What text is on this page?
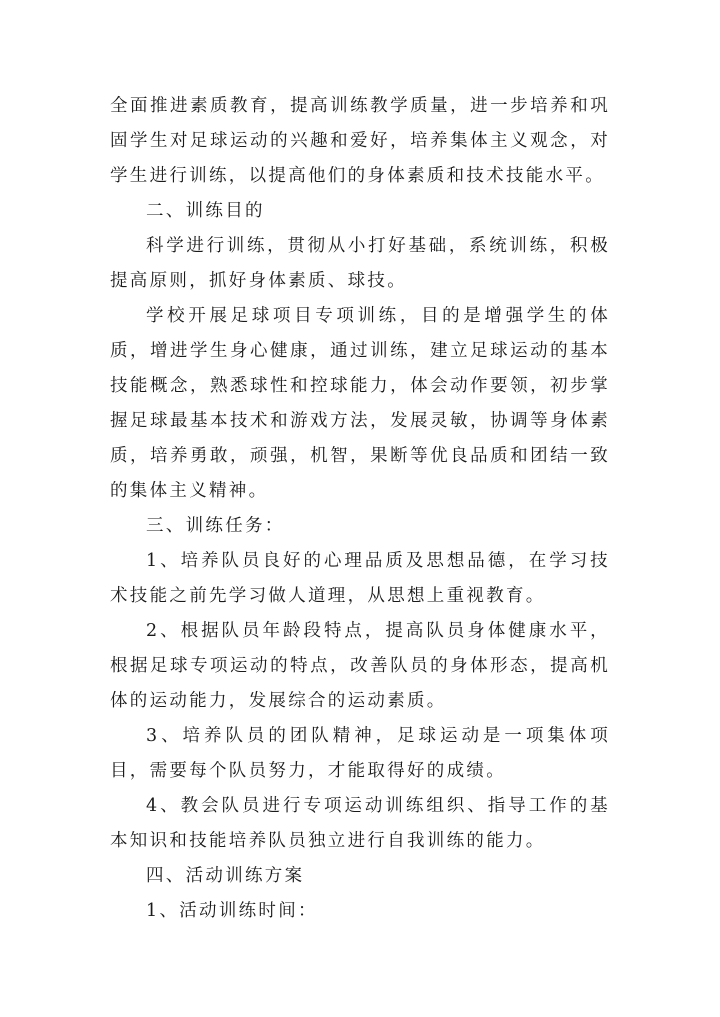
全面推进素质教育，提高训练教学质量，进一步培养和巩固学生对足球运动的兴趣和爱好，培养集体主义观念，对学生进行训练，以提高他们的身体素质和技术技能水平。

二、训练目的

科学进行训练，贯彻从小打好基础，系统训练，积极提高原则，抓好身体素质、球技。

学校开展足球项目专项训练，目的是增强学生的体质，增进学生身心健康，通过训练，建立足球运动的基本技能概念，熟悉球性和控球能力，体会动作要领，初步掌握足球最基本技术和游戏方法，发展灵敏，协调等身体素质，培养勇敢，顽强，机智，果断等优良品质和团结一致的集体主义精神。

三、训练任务：

1、培养队员良好的心理品质及思想品德，在学习技术技能之前先学习做人道理，从思想上重视教育。

2、根据队员年龄段特点，提高队员身体健康水平，根据足球专项运动的特点，改善队员的身体形态，提高机体的运动能力，发展综合的运动素质。

3、培养队员的团队精神，足球运动是一项集体项目，需要每个队员努力，才能取得好的成绩。

4、教会队员进行专项运动训练组织、指导工作的基本知识和技能培养队员独立进行自我训练的能力。

四、活动训练方案

1、活动训练时间：
